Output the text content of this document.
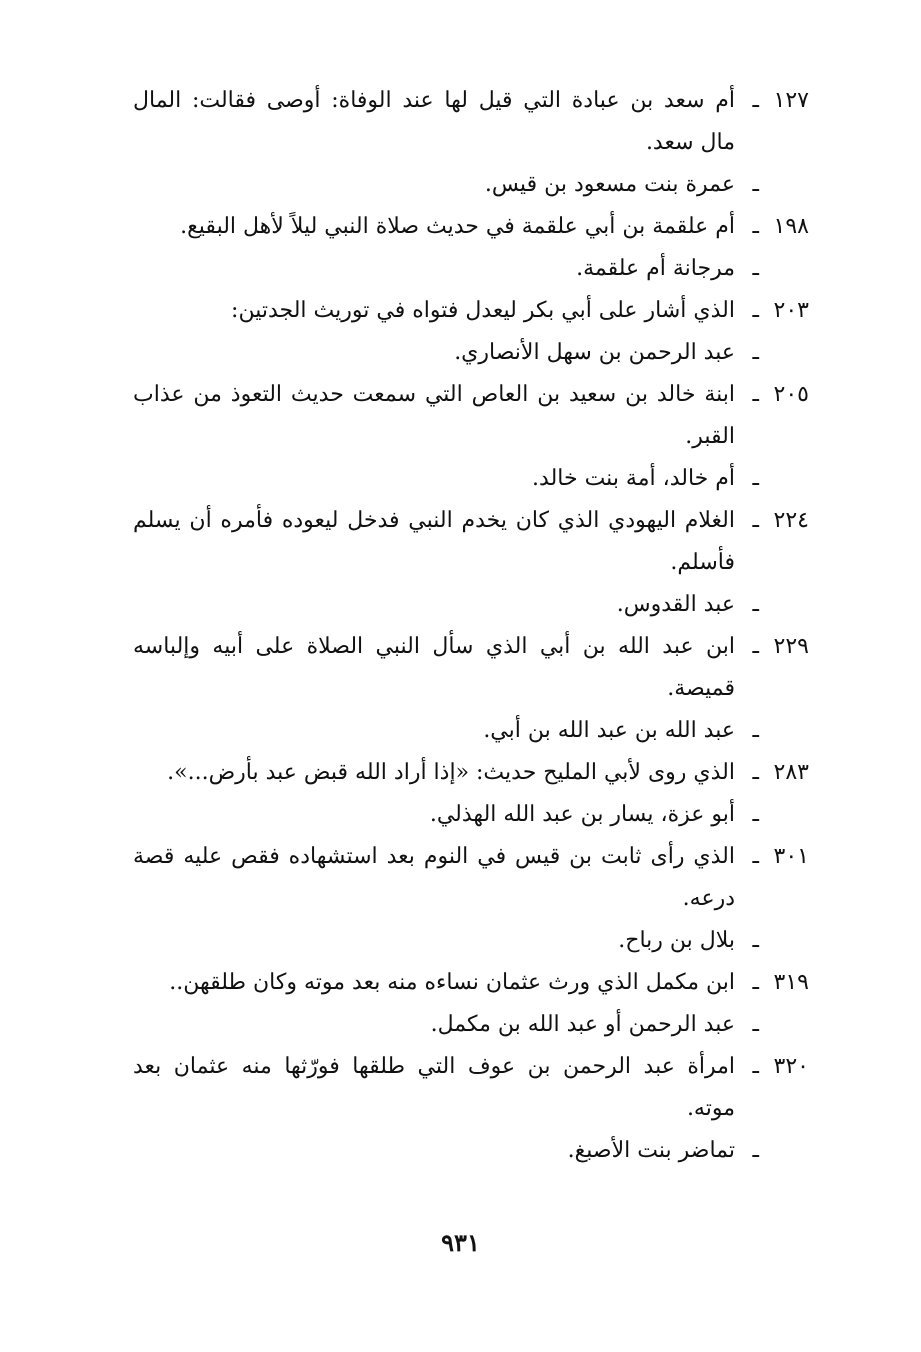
١٢٧
ـ
أم سعد بن عبادة التي قيل لها عند الوفاة: أوصى فقالت: المال مال سعد.
ـ
عمرة بنت مسعود بن قيس.
١٩٨
ـ
أم علقمة بن أبي علقمة في حديث صلاة النبي ليلاً لأهل البقيع.
ـ
مرجانة أم علقمة.
٢٠٣
ـ
الذي أشار على أبي بكر ليعدل فتواه في توريث الجدتين:
ـ
عبد الرحمن بن سهل الأنصاري.
٢٠٥
ـ
ابنة خالد بن سعيد بن العاص التي سمعت حديث التعوذ من عذاب القبر.
ـ
أم خالد، أمة بنت خالد.
٢٢٤
ـ
الغلام اليهودي الذي كان يخدم النبي فدخل ليعوده فأمره أن يسلم فأسلم.
ـ
عبد القدوس.
٢٢٩
ـ
ابن عبد الله بن أبي الذي سأل النبي الصلاة على أبيه وإلباسه قميصة.
ـ
عبد الله بن عبد الله بن أبي.
٢٨٣
ـ
الذي روى لأبي المليح حديث: «إذا أراد الله قبض عبد بأرض...».
ـ
أبو عزة، يسار بن عبد الله الهذلي.
٣٠١
ـ
الذي رأى ثابت بن قيس في النوم بعد استشهاده فقص عليه قصة درعه.
ـ
بلال بن رباح.
٣١٩
ـ
ابن مكمل الذي ورث عثمان نساءه منه بعد موته وكان طلقهن..
ـ
عبد الرحمن أو عبد الله بن مكمل.
٣٢٠
ـ
امرأة عبد الرحمن بن عوف التي طلقها فورّثها منه عثمان بعد موته.
ـ
تماضر بنت الأصبغ.
٩٣١
